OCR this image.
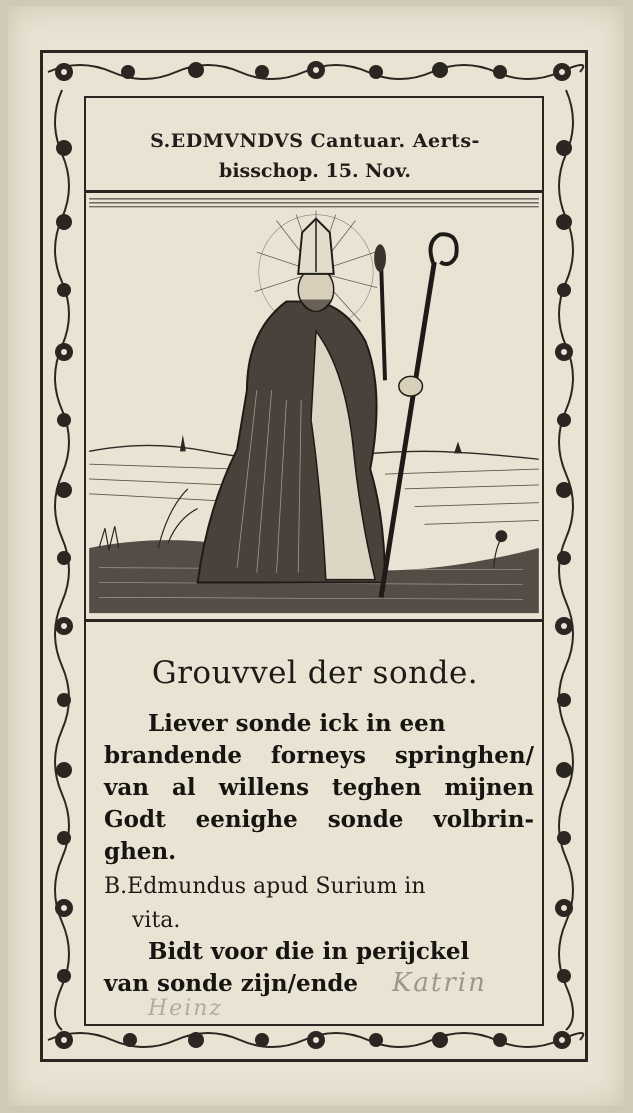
S.EDMVNDVS Cantuar. Aerts-
bisschop. 15. Nov.
Grouvvel der sonde.
Liever sonde ick in een
brandende forneys springhen/ van al willens teghen mijnen Godt eenighe sonde volbrin- ghen.
B.Edmundus apud Surium in
vita.
Bidt voor die in perijckel
van sonde zijn/ende	Katrin
Heinz
